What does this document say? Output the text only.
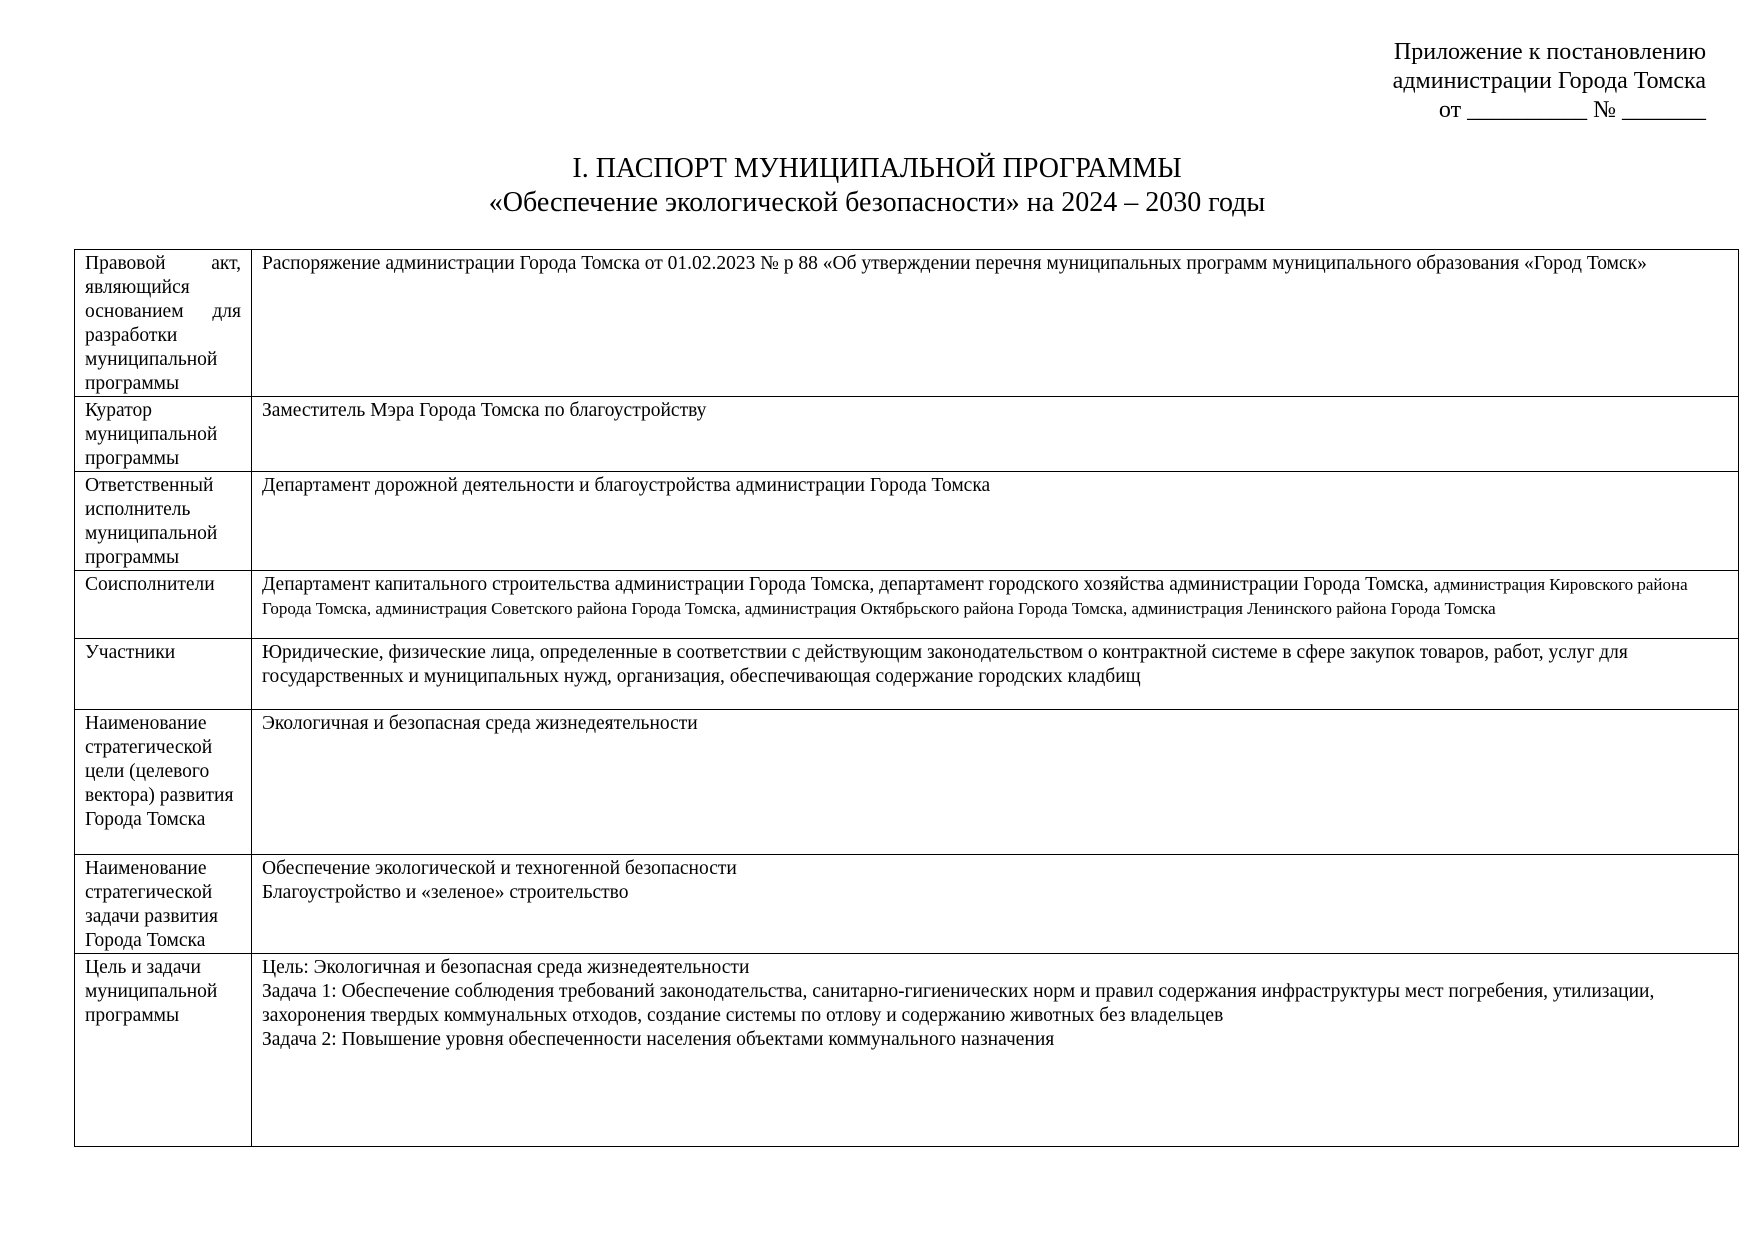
Приложение к постановлению
администрации Города Томска
от __________ № _______
I. ПАСПОРТ МУНИЦИПАЛЬНОЙ ПРОГРАММЫ
«Обеспечение экологической безопасности» на 2024 – 2030 годы
Правовой акт, являющийся основанием для разработки муниципальной программы	Распоряжение администрации Города Томска от 01.02.2023 № р 88 «Об утверждении перечня муниципальных программ муниципального образования «Город Томск»
Куратор муниципальной программы	Заместитель Мэра Города Томска по благоустройству
Ответственный исполнитель муниципальной программы	Департамент дорожной деятельности и благоустройства администрации Города Томска
Соисполнители	Департамент капитального строительства администрации Города Томска, департамент городского хозяйства администрации Города Томска, администрация Кировского района Города Томска, администрация Советского района Города Томска, администрация Октябрьского района Города Томска, администрация Ленинского района Города Томска
Участники	Юридические, физические лица, определенные в соответствии с действующим законодательством о контрактной системе в сфере закупок товаров, работ, услуг для государственных и муниципальных нужд, организация, обеспечивающая содержание городских кладбищ
Наименование стратегической цели (целевого вектора) развития Города Томска	Экологичная и безопасная среда жизнедеятельности
Наименование стратегической задачи развития Города Томска	Обеспечение экологической и техногенной безопасности
Благоустройство и «зеленое» строительство

Цель и задачи муниципальной программы	Цель: Экологичная и безопасная среда жизнедеятельности
Задача 1: Обеспечение соблюдения требований законодательства, санитарно-гигиенических норм и правил содержания инфраструктуры мест погребения, утилизации, захоронения твердых коммунальных отходов, создание системы по отлову и содержанию животных без владельцев
Задача 2: Повышение уровня обеспеченности населения объектами коммунального назначения
